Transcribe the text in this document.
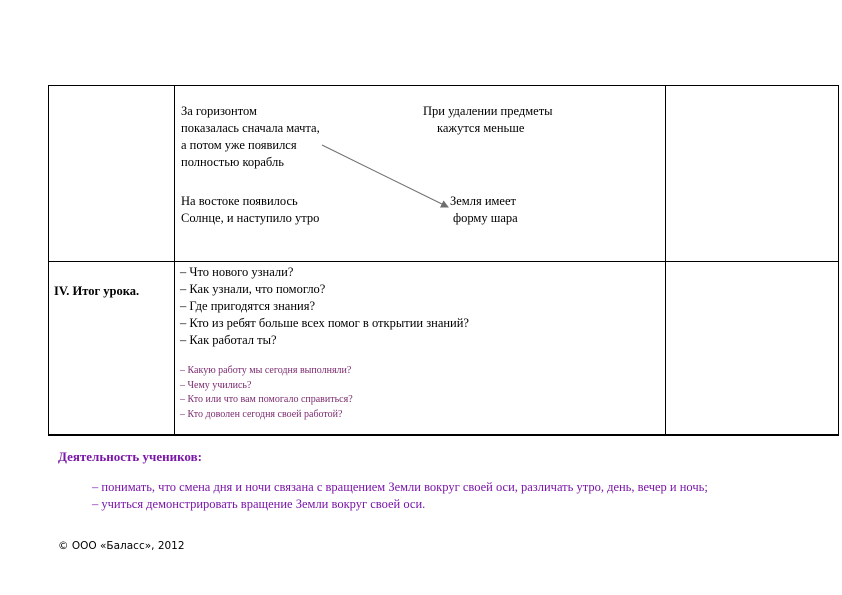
За горизонтом
показалась сначала мачта,
а потом уже появился
полностью корабль
При удалении предметы
кажутся меньше
На востоке появилось
Солнце, и наступило утро
Земля имеет
форму шара
IV. Итог урока.
– Что нового узнали?
– Как узнали, что помогло?
– Где пригодятся знания?
– Кто из ребят больше всех помог в открытии знаний?
– Как работал ты?
– Какую работу мы сегодня выполняли?
– Чему учились?
– Кто или что вам помогало справиться?
– Кто доволен сегодня своей работой?
Деятельность учеников:
– понимать, что смена дня и ночи связана с вращением Земли вокруг своей оси, различать утро, день, вечер и ночь;
– учиться демонстрировать вращение Земли вокруг своей оси.
© ООО «Баласс», 2012
